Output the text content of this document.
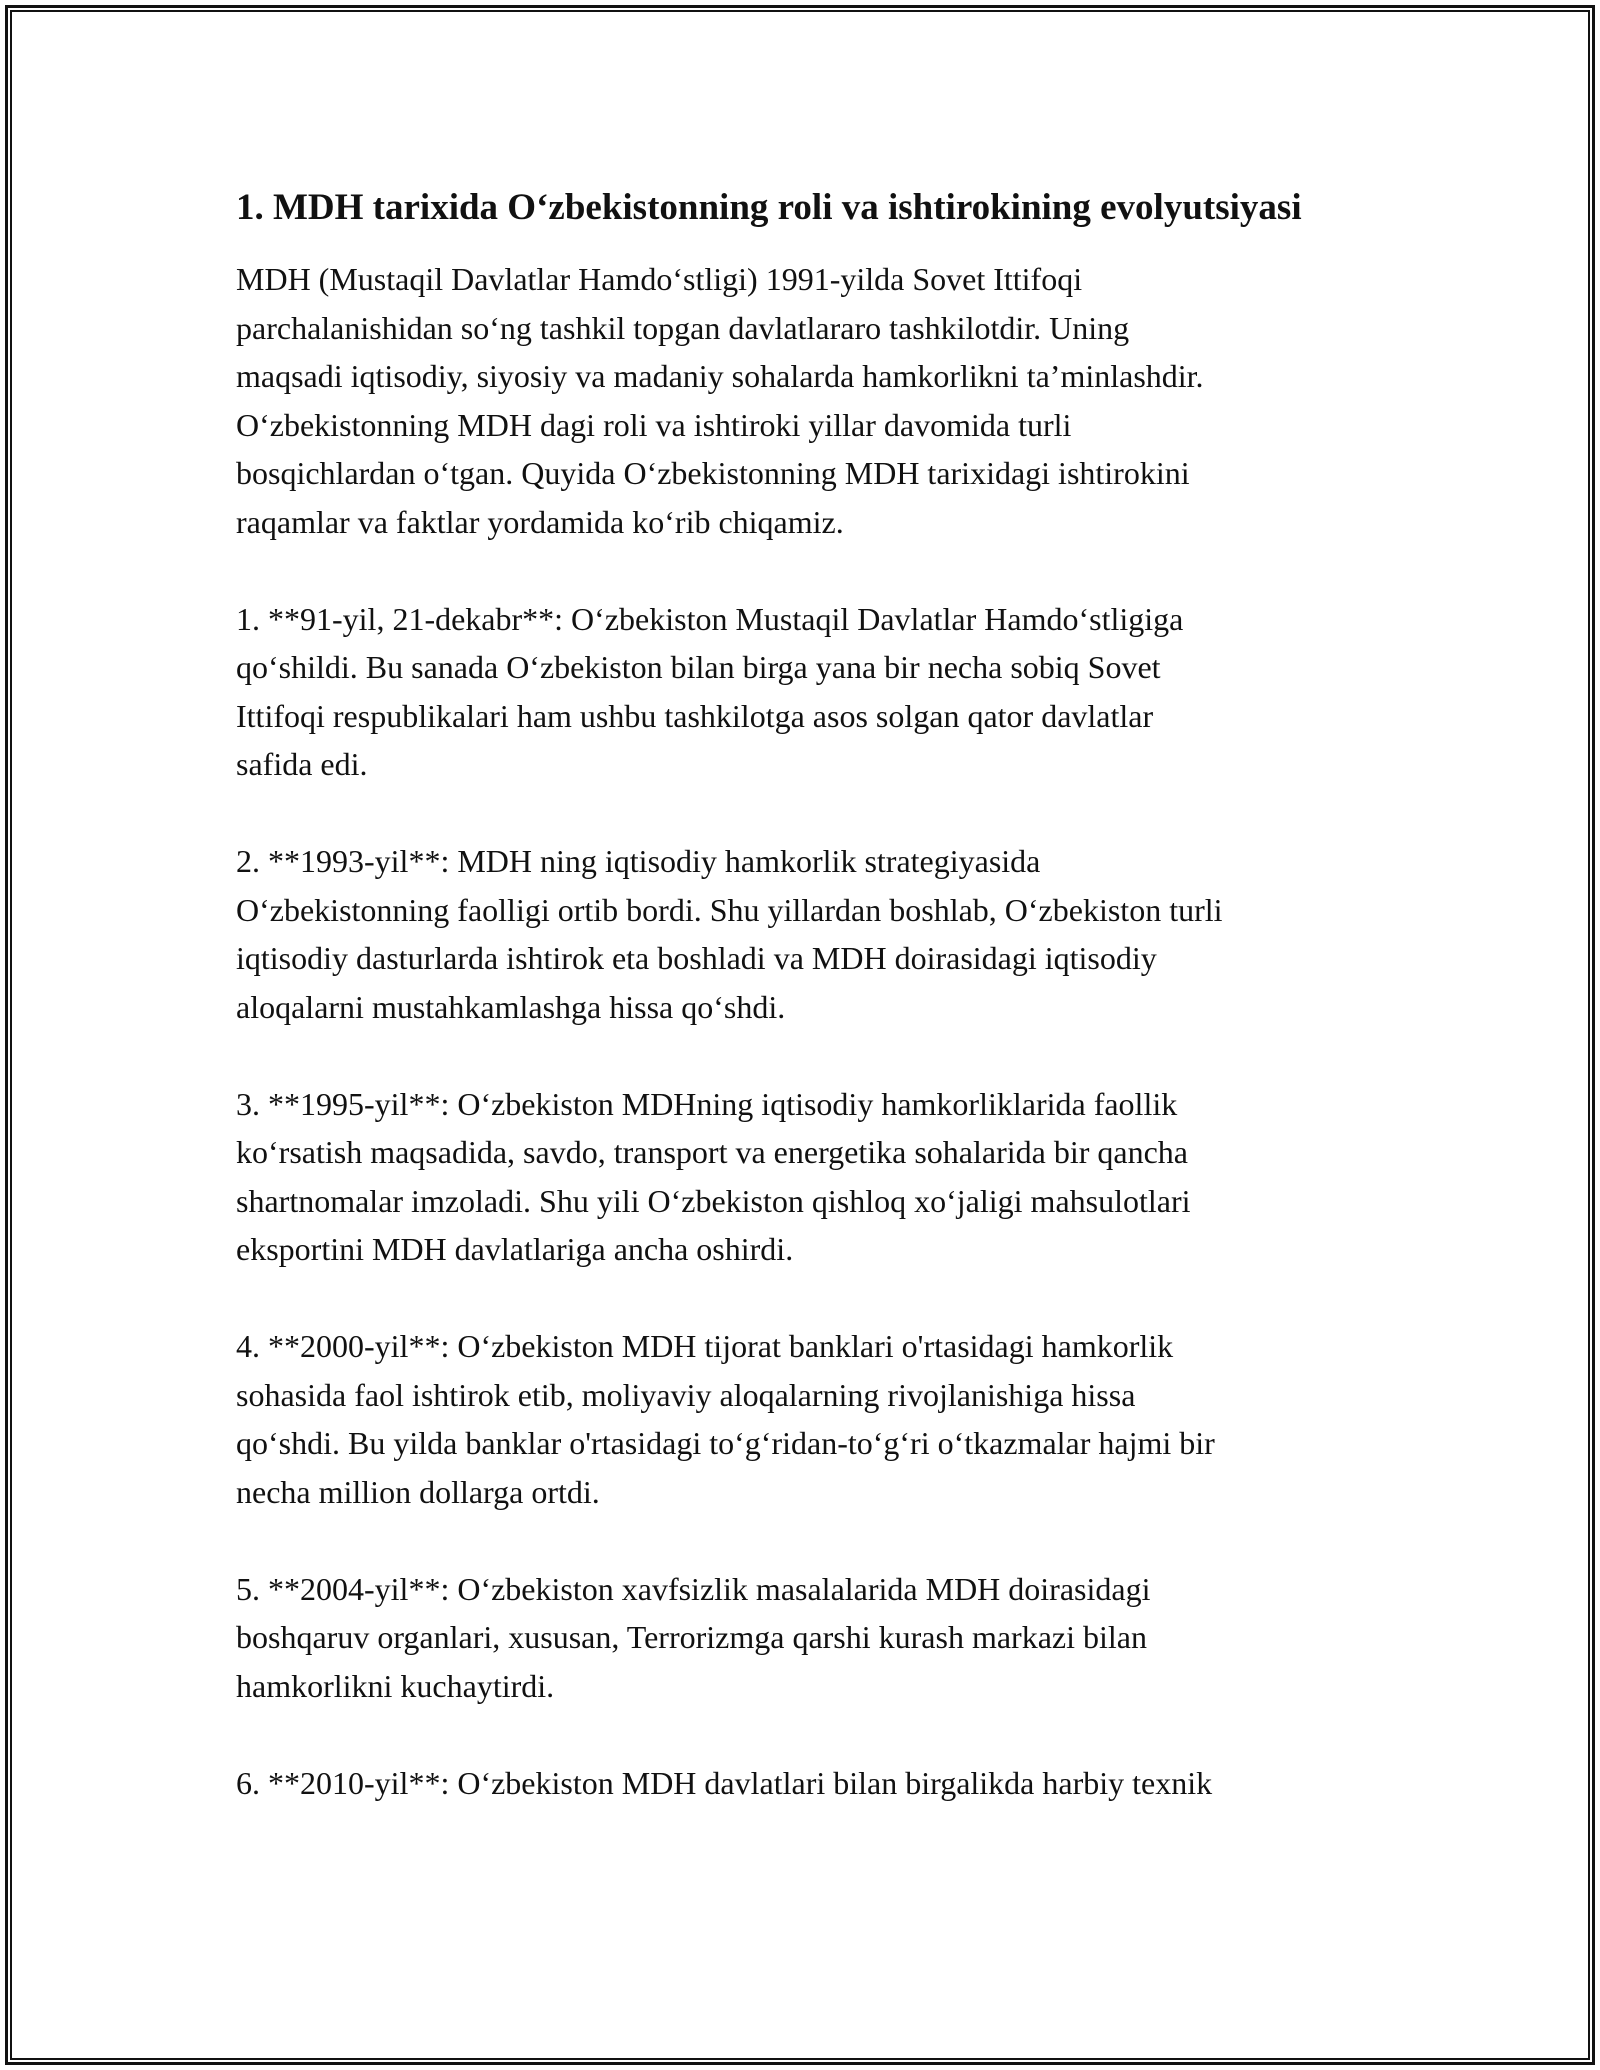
1. MDH tarixida O‘zbekistonning roli va ishtirokining evolyutsiyasi

MDH (Mustaqil Davlatlar Hamdo‘stligi) 1991-yilda Sovet Ittifoqi
parchalanishidan so‘ng tashkil topgan davlatlararo tashkilotdir. Uning
maqsadi iqtisodiy, siyosiy va madaniy sohalarda hamkorlikni ta’minlashdir.
O‘zbekistonning MDH dagi roli va ishtiroki yillar davomida turli
bosqichlardan o‘tgan. Quyida O‘zbekistonning MDH tarixidagi ishtirokini
raqamlar va faktlar yordamida ko‘rib chiqamiz.

1. **91-yil, 21-dekabr**: O‘zbekiston Mustaqil Davlatlar Hamdo‘stligiga
qo‘shildi. Bu sanada O‘zbekiston bilan birga yana bir necha sobiq Sovet
Ittifoqi respublikalari ham ushbu tashkilotga asos solgan qator davlatlar
safida edi.

2. **1993-yil**: MDH ning iqtisodiy hamkorlik strategiyasida
O‘zbekistonning faolligi ortib bordi. Shu yillardan boshlab, O‘zbekiston turli
iqtisodiy dasturlarda ishtirok eta boshladi va MDH doirasidagi iqtisodiy
aloqalarni mustahkamlashga hissa qo‘shdi.

3. **1995-yil**: O‘zbekiston MDHning iqtisodiy hamkorliklarida faollik
ko‘rsatish maqsadida, savdo, transport va energetika sohalarida bir qancha
shartnomalar imzoladi. Shu yili O‘zbekiston qishloq xo‘jaligi mahsulotlari
eksportini MDH davlatlariga ancha oshirdi.

4. **2000-yil**: O‘zbekiston MDH tijorat banklari o'rtasidagi hamkorlik
sohasida faol ishtirok etib, moliyaviy aloqalarning rivojlanishiga hissa
qo‘shdi. Bu yilda banklar o'rtasidagi to‘g‘ridan-to‘g‘ri o‘tkazmalar hajmi bir
necha million dollarga ortdi.

5. **2004-yil**: O‘zbekiston xavfsizlik masalalarida MDH doirasidagi
boshqaruv organlari, xususan, Terrorizmga qarshi kurash markazi bilan
hamkorlikni kuchaytirdi.

6. **2010-yil**: O‘zbekiston MDH davlatlari bilan birgalikda harbiy texnik
